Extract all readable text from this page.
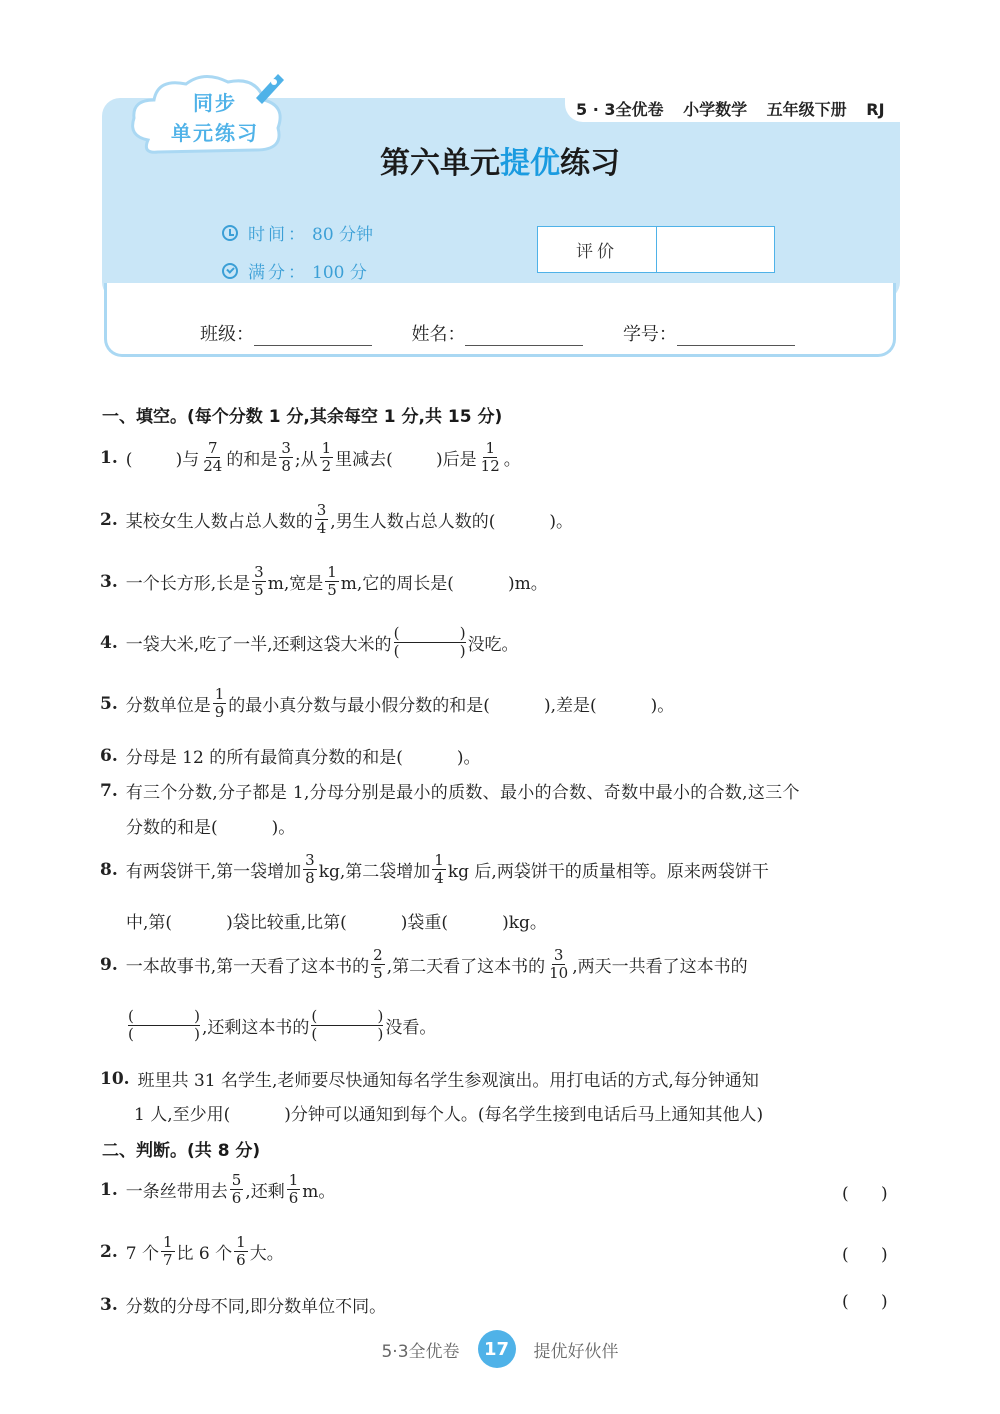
5 · 3全优卷 小学数学 五年级下册 RJ
同步
单元练习
第六单元提优练习
时间： 80 分钟
满分： 100 分
评价
班级：	姓名：	学号：
一、填空。(每个分数 1 分,其余每空 1 分,共 15 分)
1. (        )与 $\frac{7}{24}$ 的和是 $\frac{3}{8}$ ;从 $\frac{1}{2}$ 里减去(        )后是 $\frac{1}{12}$ 。
2. 某校女生人数占总人数的 $\frac{3}{4}$ ,男生人数占总人数的(          )。
3. 一个长方形,长是 $\frac{3}{5} m$,宽是 $\frac{1}{5} m$,它的周长是(          )m。
4. 一袋大米,吃了一半,还剩这袋大米的
(	)
(	) 没吃。
5. 分数单位是 $\frac{1}{9}$ 的最小真分数与最小假分数的和是(          ),差是(          )。
6. 分母是 12 的所有最简真分数的和是(          )。
7. 有三个分数,分子都是 1,分母分别是最小的质数、最小的合数、奇数中最小的合数,这三个
分数的和是(          )。
8. 有两袋饼干,第一袋增加 $\frac{3}{8}$ kg,第二袋增加 $\frac{1}{4}$ kg 后,两袋饼干的质量相等。原来两袋饼干
中,第(          )袋比较重,比第(          )袋重(          )kg。
9. 一本故事书,第一天看了这本书的 $\frac{2}{5}$ ,第二天看了这本书的 $\frac{3}{10}$ ,两天一共看了这本书的
(	)
(	) ,还剩这本书的
(	)
(	) 没看。
10. 班里共 31 名学生,老师要尽快通知每名学生参观演出。用打电话的方式,每分钟通知
1 人,至少用(          )分钟可以通知到每个人。(每名学生接到电话后马上通知其他人)
二、判断。(共 8 分)
1. 一条丝带用去 $\frac{5}{6}$ ,还剩 $\frac{1}{6}$ m。	(      )
2. 7 个 $\frac{1}{7}$ 比 6 个 $\frac{1}{6}$ 大。	(      )
3. 分数的分母不同,即分数单位不同。	(      )
5·3全优卷	17	提优好伙伴
